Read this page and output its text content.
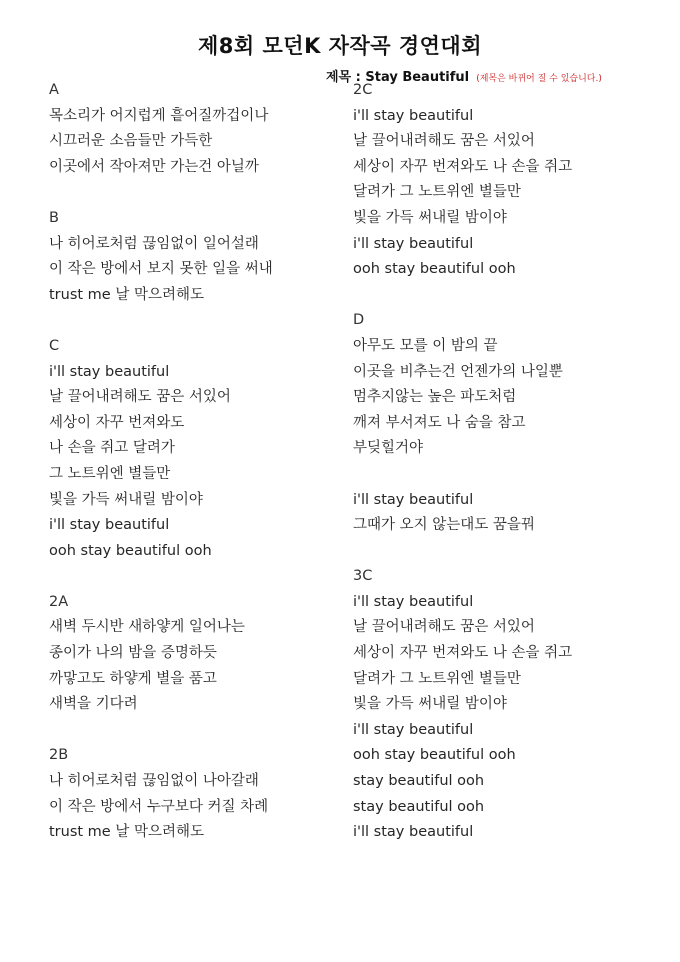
제8회 모던K 자작곡 경연대회
제목 : Stay Beautiful (제목은 바뀌어 질 수 있습니다.)
A
목소리가 어지럽게 흩어질까겁이나
시끄러운 소음들만 가득한
이곳에서 작아져만 가는건 아닐까
B
나 히어로처럼 끊임없이 일어설래
이 작은 방에서 보지 못한 일을 써내
trust me 날 막으려해도
C
i'll stay beautiful
날 끌어내려해도 꿈은 서있어
세상이 자꾸 번져와도
나 손을 쥐고 달려가
그 노트위엔 별들만
빛을 가득 써내릴 밤이야
i'll stay beautiful
ooh stay beautiful ooh
2A
새벽 두시반 새하얗게 일어나는
종이가 나의 밤을 증명하듯
까맣고도 하얗게 별을 품고
새벽을 기다려
2B
나 히어로처럼 끊임없이 나아갈래
이 작은 방에서 누구보다 커질 차례
trust me 날 막으려해도
2C
i'll stay beautiful
날 끌어내려해도 꿈은 서있어
세상이 자꾸 번져와도 나 손을 쥐고
달려가 그 노트위엔 별들만
빛을 가득 써내릴 밤이야
i'll stay beautiful
ooh stay beautiful ooh
D
아무도 모를 이 밤의 끝
이곳을 비추는건 언젠가의 나일뿐
멈추지않는 높은 파도처럼
깨져 부서져도 나 숨을 참고
부딪힐거야
i'll stay beautiful
그때가 오지 않는대도 꿈을꿔
3C
i'll stay beautiful
날 끌어내려해도 꿈은 서있어
세상이 자꾸 번져와도 나 손을 쥐고
달려가 그 노트위엔 별들만
빛을 가득 써내릴 밤이야
i'll stay beautiful
ooh stay beautiful ooh
stay beautiful ooh
stay beautiful ooh
i'll stay beautiful
